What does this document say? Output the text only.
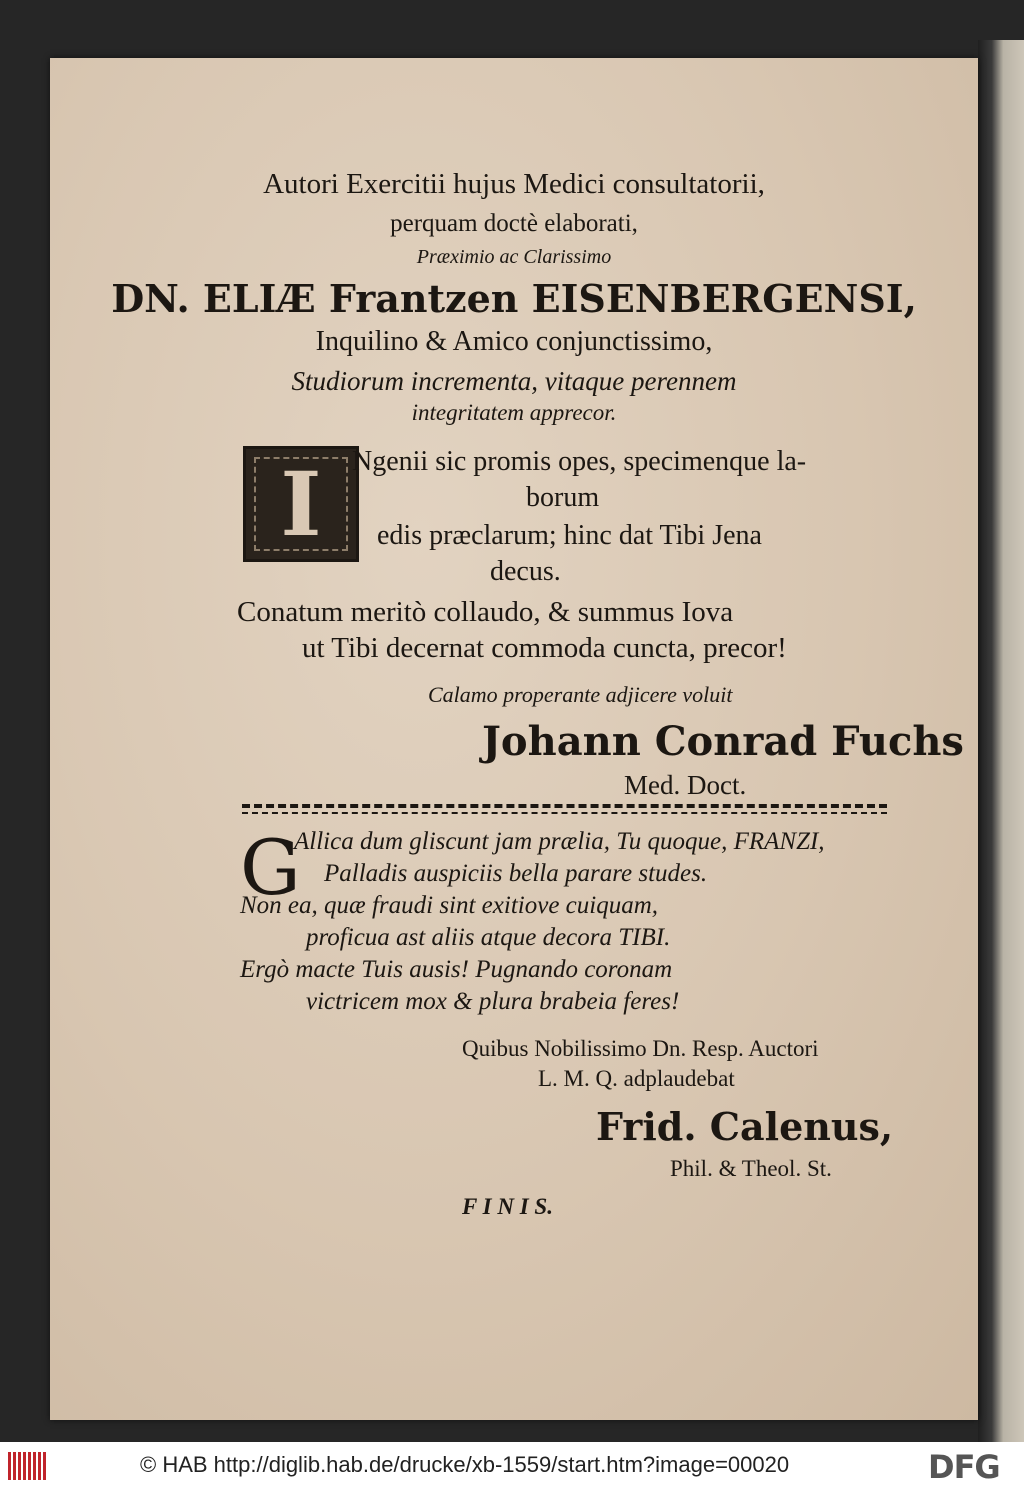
Autori Exercitii hujus Medici consultatorii,
perquam doctè elaborati,
Præximio ac Clarissimo
DN. ELIÆ Frantzen EISENBERGENSI,
Inquilino & Amico conjunctissimo,
Studiorum incrementa, vitaque perennem
integritatem apprecor.
I Ngenii sic promis opes, specimenque la-
borum
edis præclarum; hinc dat Tibi Jena
decus.
Conatum meritò collaudo, & summus Iova
ut Tibi decernat commoda cuncta, precor!
Calamo properante adjicere voluit
Johann Conrad Fuchs
Med. Doct.
G
Allica dum gliscunt jam prælia, Tu quoque, FRANZI,
Palladis auspiciis bella parare studes.
Non ea, quæ fraudi sint exitiove cuiquam,
proficua ast aliis atque decora TIBI.
Ergò macte Tuis ausis! Pugnando coronam
victricem mox & plura brabeia feres!
Quibus Nobilissimo Dn. Resp. Auctori
L. M. Q. adplaudebat
Frid. Calenus,
Phil. & Theol. St.
F I N I S.
© HAB http://diglib.hab.de/drucke/xb-1559/start.htm?image=00020	DFG
